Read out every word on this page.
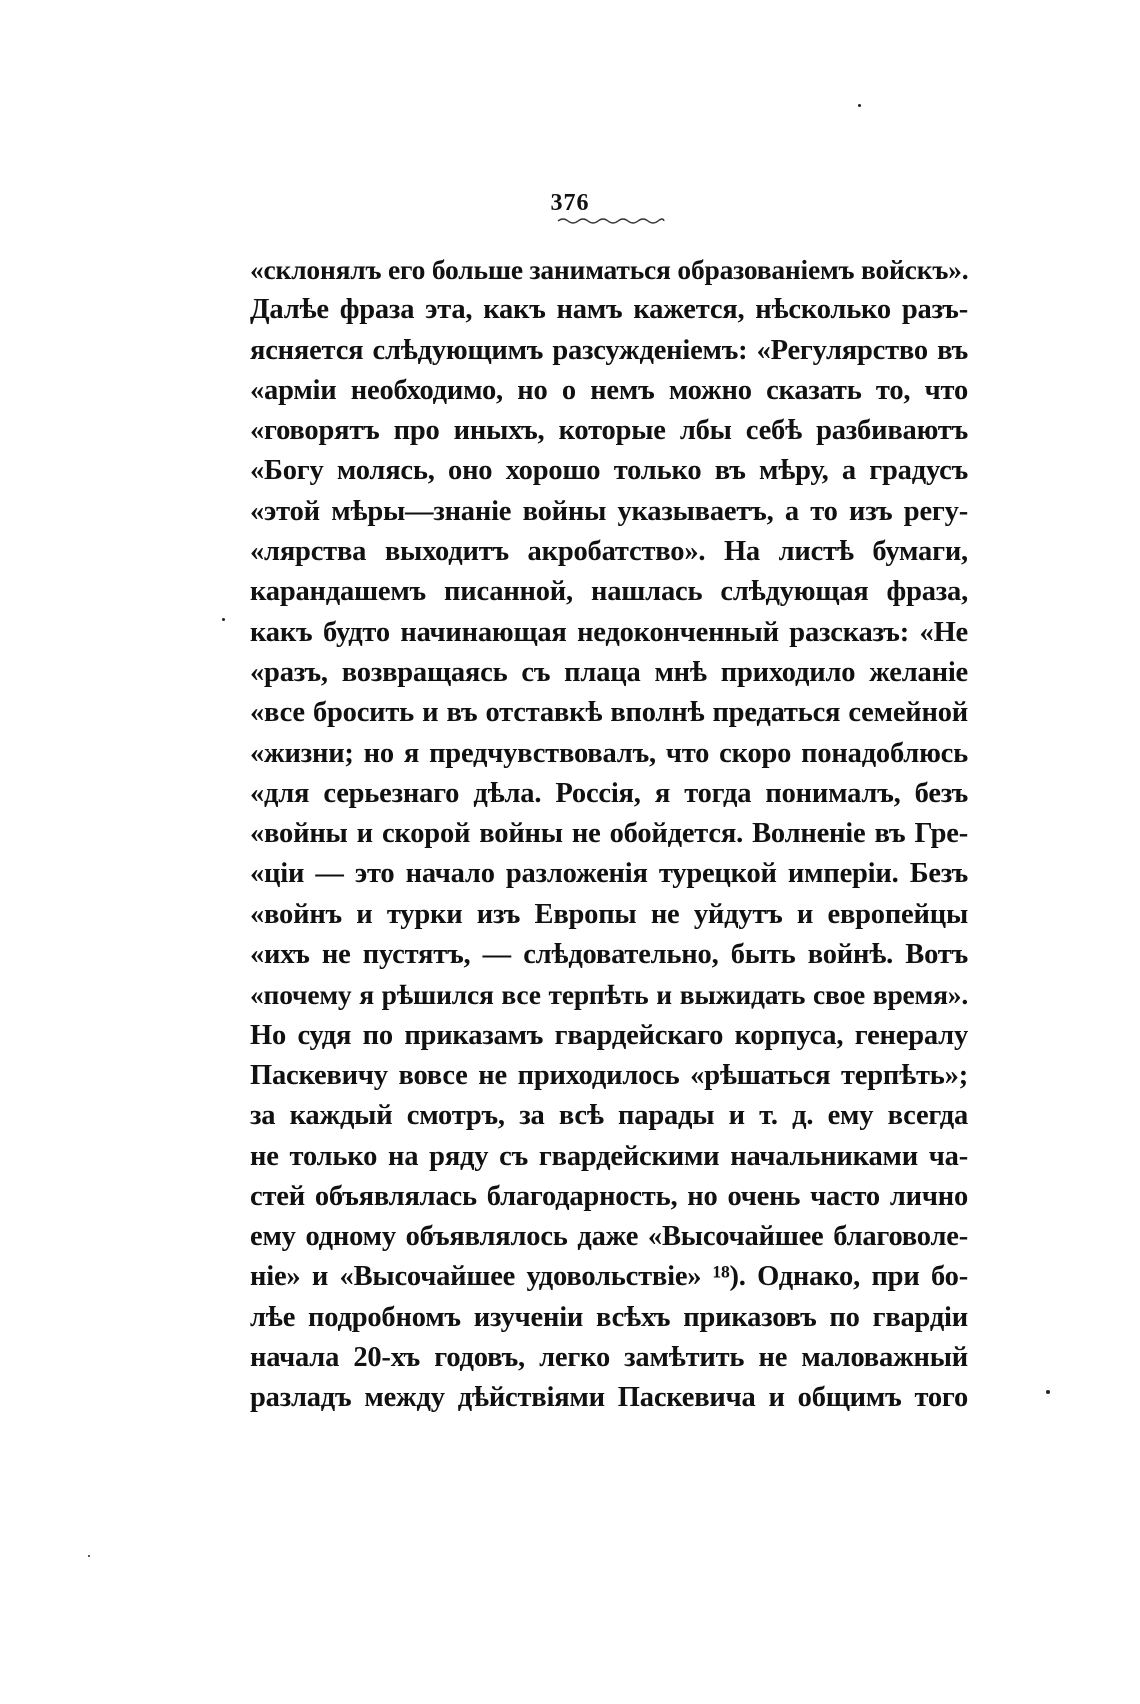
376
«склонялъ его больше заниматься образованіемъ войскъ».
Далѣе фраза эта, какъ намъ кажется, нѣсколько разъ-
ясняется слѣдующимъ разсужденіемъ: «Регулярство въ
«арміи необходимо, но о немъ можно сказать то, что
«говорятъ про иныхъ, которые лбы себѣ разбиваютъ
«Богу молясь, оно хорошо только въ мѣру, а градусъ
«этой мѣры—знаніе войны указываетъ, а то изъ регу-
«лярства выходитъ акробатство». На листѣ бумаги,
карандашемъ писанной, нашлась слѣдующая фраза,
какъ будто начинающая недоконченный разсказъ: «Не
«разъ, возвращаясь съ плаца мнѣ приходило желаніе
«все бросить и въ отставкѣ вполнѣ предаться семейной
«жизни; но я предчувствовалъ, что скоро понадоблюсь
«для серьезнаго дѣла. Россія, я тогда понималъ, безъ
«войны и скорой войны не обойдется. Волненіе въ Гре-
«ціи — это начало разложенія турецкой имперіи. Безъ
«войнъ и турки изъ Европы не уйдутъ и европейцы
«ихъ не пустятъ, — слѣдовательно, быть войнѣ. Вотъ
«почему я рѣшился все терпѣть и выжидать свое время».
Но судя по приказамъ гвардейскаго корпуса, генералу
Паскевичу вовсе не приходилось «рѣшаться терпѣть»;
за каждый смотръ, за всѣ парады и т. д. ему всегда
не только на ряду съ гвардейскими начальниками ча-
стей объявлялась благодарность, но очень часто лично
ему одному объявлялось даже «Высочайшее благоволе-
ніе» и «Высочайшее удовольствіе» ¹⁸). Однако, при бо-
лѣе подробномъ изученіи всѣхъ приказовъ по гвардіи
начала 20-хъ годовъ, легко замѣтить не маловажный
разладъ между дѣйствіями Паскевича и общимъ того
